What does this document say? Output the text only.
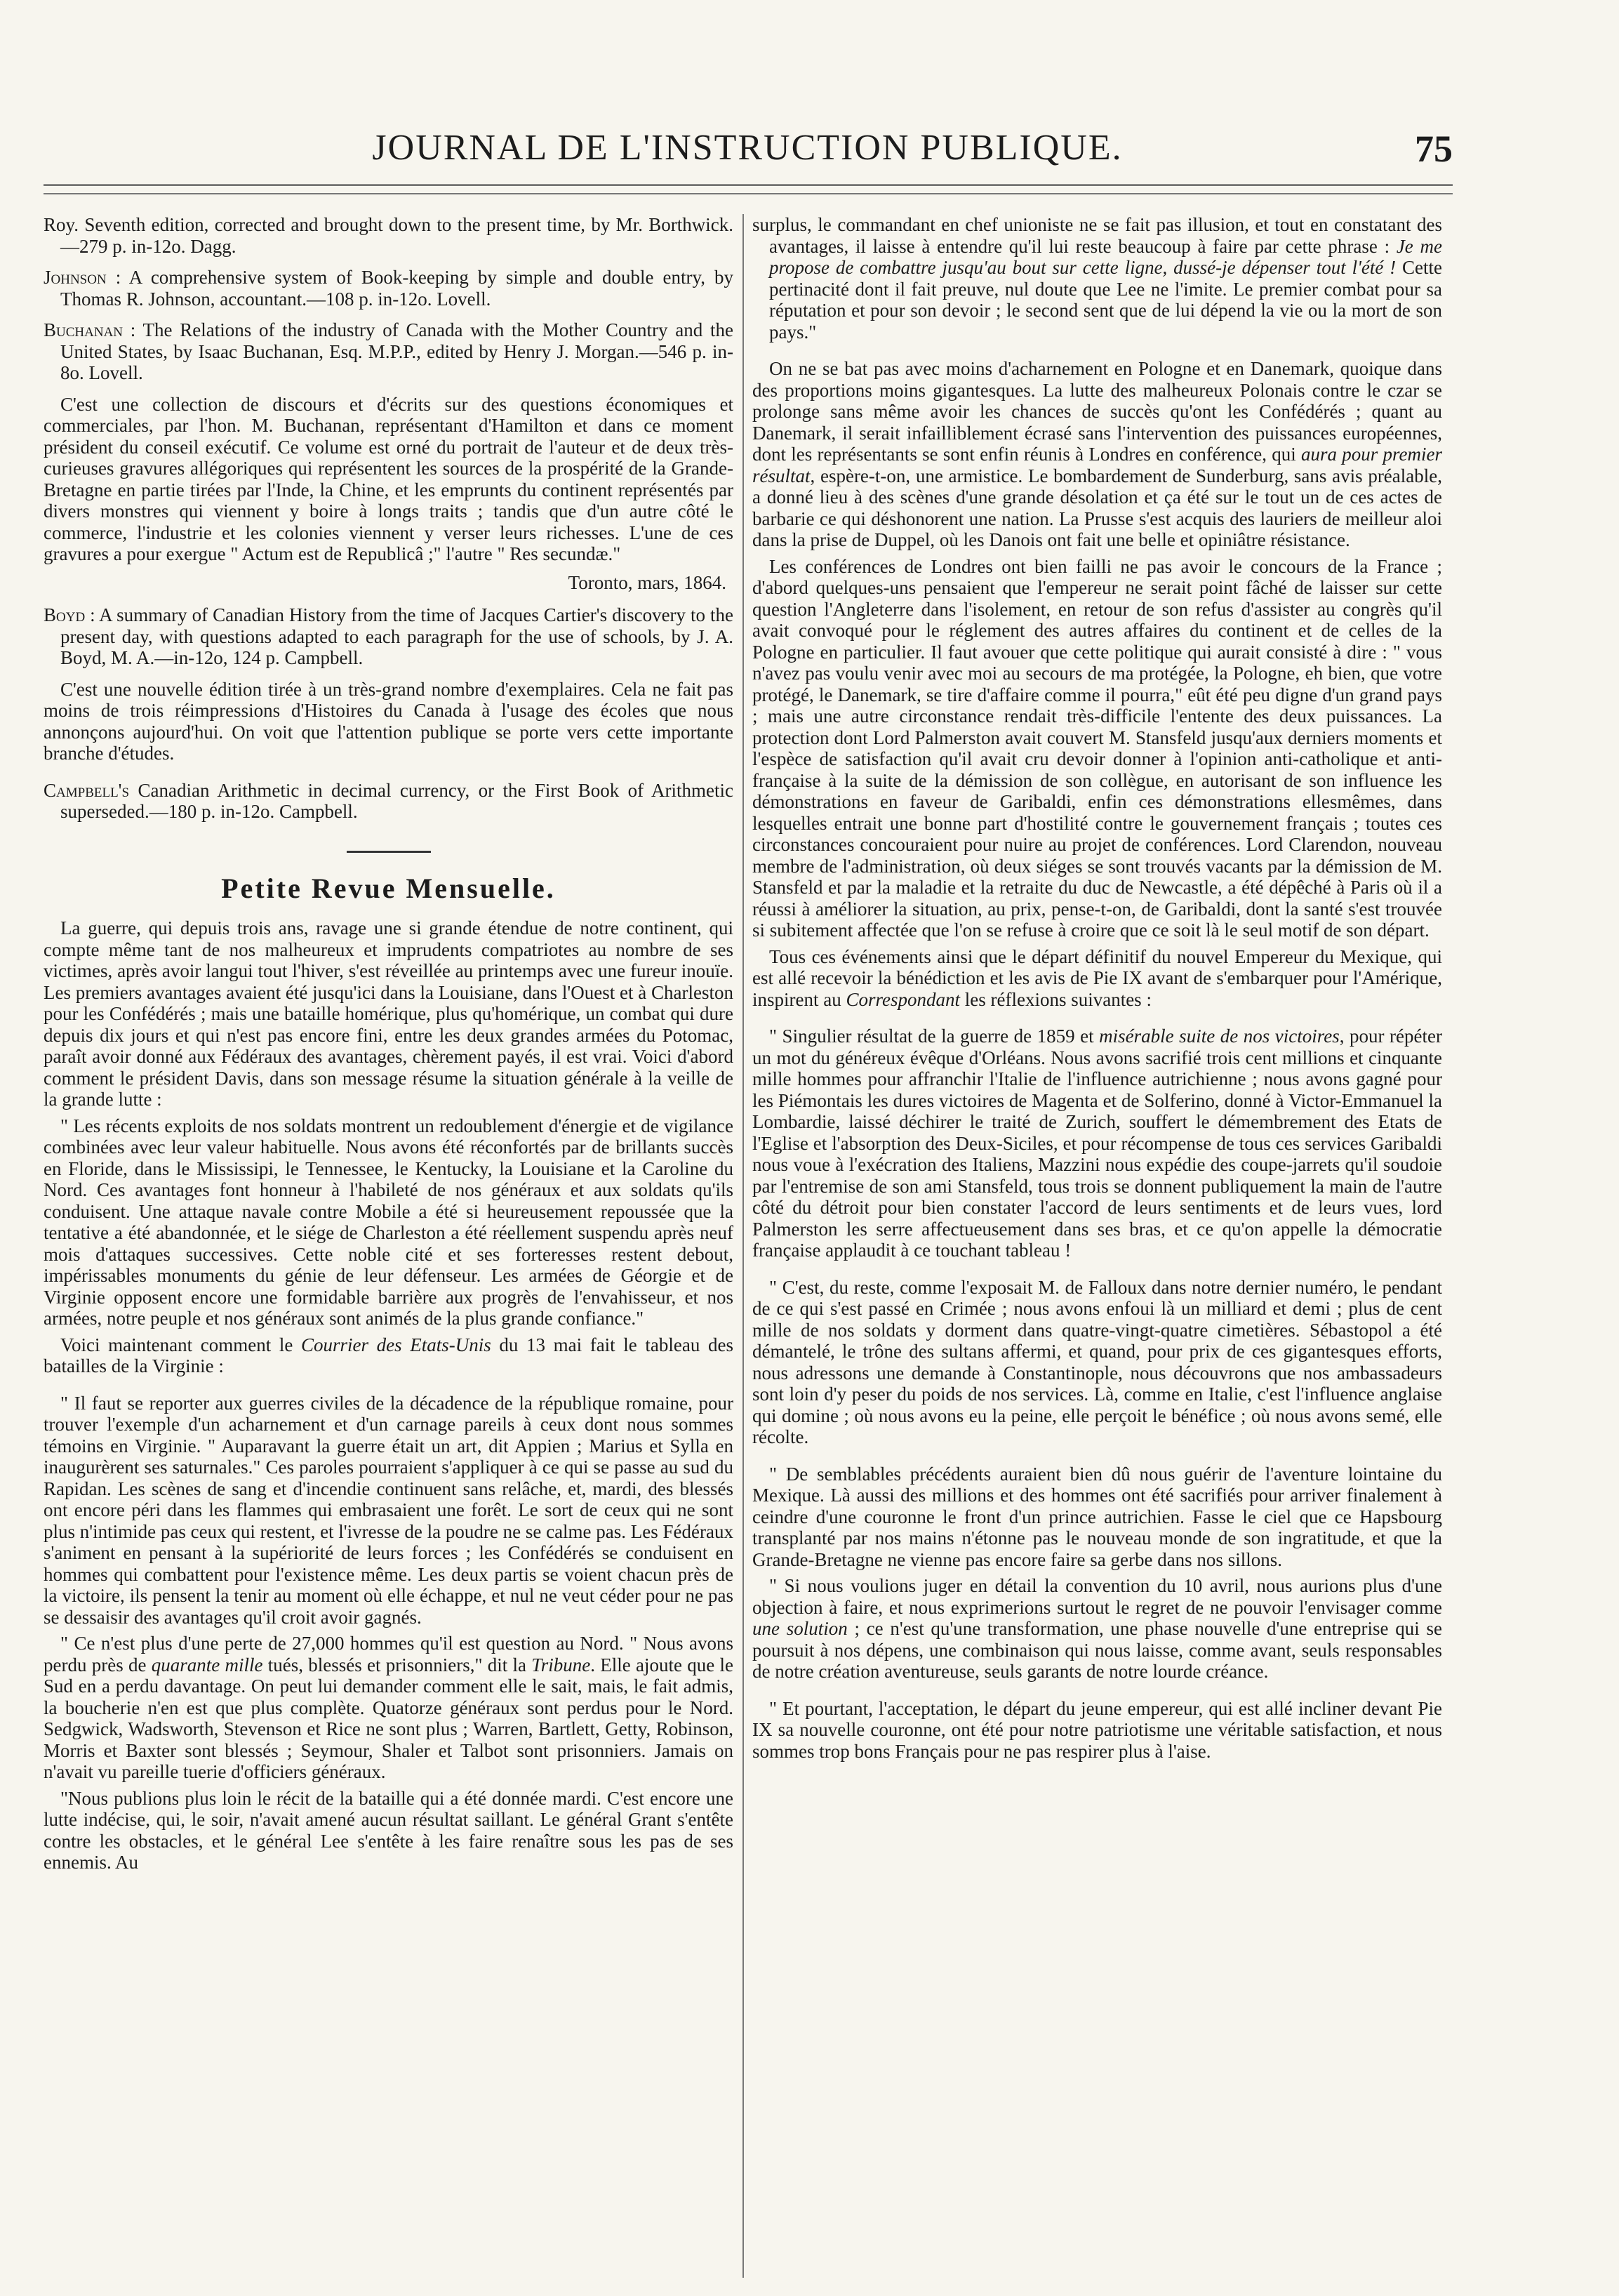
JOURNAL DE L'INSTRUCTION PUBLIQUE.	75

Roy. Seventh edition, corrected and brought down to the present time, by Mr. Borthwick.—279 p. in-12o. Dagg.

Johnson : A comprehensive system of Book-keeping by simple and double entry, by Thomas R. Johnson, accountant.—108 p. in-12o. Lovell.

Buchanan : The Relations of the industry of Canada with the Mother Country and the United States, by Isaac Buchanan, Esq. M.P.P., edited by Henry J. Morgan.—546 p. in-8o. Lovell.

C'est une collection de discours et d'écrits sur des questions économiques et commerciales, par l'hon. M. Buchanan, représentant d'Hamilton et dans ce moment président du conseil exécutif. Ce volume est orné du portrait de l'auteur et de deux très-curieuses gravures allégoriques qui représentent les sources de la prospérité de la Grande-Bretagne en partie tirées par l'Inde, la Chine, et les emprunts du continent représentés par divers monstres qui viennent y boire à longs traits ; tandis que d'un autre côté le commerce, l'industrie et les colonies viennent y verser leurs richesses. L'une de ces gravures a pour exergue " Actum est de Republicâ ;" l'autre " Res secundæ."

Toronto, mars, 1864.

Boyd : A summary of Canadian History from the time of Jacques Cartier's discovery to the present day, with questions adapted to each paragraph for the use of schools, by J. A. Boyd, M. A.—in-12o, 124 p. Campbell.

C'est une nouvelle édition tirée à un très-grand nombre d'exemplaires. Cela ne fait pas moins de trois réimpressions d'Histoires du Canada à l'usage des écoles que nous annonçons aujourd'hui. On voit que l'attention publique se porte vers cette importante branche d'études.

Campbell's Canadian Arithmetic in decimal currency, or the First Book of Arithmetic superseded.—180 p. in-12o. Campbell.

Petite Revue Mensuelle.

La guerre, qui depuis trois ans, ravage une si grande étendue de notre continent, qui compte même tant de nos malheureux et imprudents compatriotes au nombre de ses victimes, après avoir langui tout l'hiver, s'est réveillée au printemps avec une fureur inouïe. Les premiers avantages avaient été jusqu'ici dans la Louisiane, dans l'Ouest et à Charleston pour les Confédérés ; mais une bataille homérique, plus qu'homérique, un combat qui dure depuis dix jours et qui n'est pas encore fini, entre les deux grandes armées du Potomac, paraît avoir donné aux Fédéraux des avantages, chèrement payés, il est vrai. Voici d'abord comment le président Davis, dans son message résume la situation générale à la veille de la grande lutte :

" Les récents exploits de nos soldats montrent un redoublement d'énergie et de vigilance combinées avec leur valeur habituelle. Nous avons été réconfortés par de brillants succès en Floride, dans le Mississipi, le Tennessee, le Kentucky, la Louisiane et la Caroline du Nord. Ces avantages font honneur à l'habileté de nos généraux et aux soldats qu'ils conduisent. Une attaque navale contre Mobile a été si heureusement repoussée que la tentative a été abandonnée, et le siége de Charleston a été réellement suspendu après neuf mois d'attaques successives. Cette noble cité et ses forteresses restent debout, impérissables monuments du génie de leur défenseur. Les armées de Géorgie et de Virginie opposent encore une formidable barrière aux progrès de l'envahisseur, et nos armées, notre peuple et nos généraux sont animés de la plus grande confiance."

Voici maintenant comment le Courrier des Etats-Unis du 13 mai fait le tableau des batailles de la Virginie :

" Il faut se reporter aux guerres civiles de la décadence de la république romaine, pour trouver l'exemple d'un acharnement et d'un carnage pareils à ceux dont nous sommes témoins en Virginie. " Auparavant la guerre était un art, dit Appien ; Marius et Sylla en inaugurèrent ses saturnales." Ces paroles pourraient s'appliquer à ce qui se passe au sud du Rapidan. Les scènes de sang et d'incendie continuent sans relâche, et, mardi, des blessés ont encore péri dans les flammes qui embrasaient une forêt. Le sort de ceux qui ne sont plus n'intimide pas ceux qui restent, et l'ivresse de la poudre ne se calme pas. Les Fédéraux s'animent en pensant à la supériorité de leurs forces ; les Confédérés se conduisent en hommes qui combattent pour l'existence même. Les deux partis se voient chacun près de la victoire, ils pensent la tenir au moment où elle échappe, et nul ne veut céder pour ne pas se dessaisir des avantages qu'il croit avoir gagnés.

" Ce n'est plus d'une perte de 27,000 hommes qu'il est question au Nord. " Nous avons perdu près de quarante mille tués, blessés et prisonniers," dit la Tribune. Elle ajoute que le Sud en a perdu davantage. On peut lui demander comment elle le sait, mais, le fait admis, la boucherie n'en est que plus complète. Quatorze généraux sont perdus pour le Nord. Sedgwick, Wadsworth, Stevenson et Rice ne sont plus ; Warren, Bartlett, Getty, Robinson, Morris et Baxter sont blessés ; Seymour, Shaler et Talbot sont prisonniers. Jamais on n'avait vu pareille tuerie d'officiers généraux.

"Nous publions plus loin le récit de la bataille qui a été donnée mardi. C'est encore une lutte indécise, qui, le soir, n'avait amené aucun résultat saillant. Le général Grant s'entête contre les obstacles, et le général Lee s'entête à les faire renaître sous les pas de ses ennemis. Au

surplus, le commandant en chef unioniste ne se fait pas illusion, et tout en constatant des avantages, il laisse à entendre qu'il lui reste beaucoup à faire par cette phrase : Je me propose de combattre jusqu'au bout sur cette ligne, dussé-je dépenser tout l'été ! Cette pertinacité dont il fait preuve, nul doute que Lee ne l'imite. Le premier combat pour sa réputation et pour son devoir ; le second sent que de lui dépend la vie ou la mort de son pays."

On ne se bat pas avec moins d'acharnement en Pologne et en Danemark, quoique dans des proportions moins gigantesques. La lutte des malheureux Polonais contre le czar se prolonge sans même avoir les chances de succès qu'ont les Confédérés ; quant au Danemark, il serait infailliblement écrasé sans l'intervention des puissances européennes, dont les représentants se sont enfin réunis à Londres en conférence, qui aura pour premier résultat, espère-t-on, une armistice. Le bombardement de Sunderburg, sans avis préalable, a donné lieu à des scènes d'une grande désolation et ça été sur le tout un de ces actes de barbarie ce qui déshonorent une nation. La Prusse s'est acquis des lauriers de meilleur aloi dans la prise de Duppel, où les Danois ont fait une belle et opiniâtre résistance.

Les conférences de Londres ont bien failli ne pas avoir le concours de la France ; d'abord quelques-uns pensaient que l'empereur ne serait point fâché de laisser sur cette question l'Angleterre dans l'isolement, en retour de son refus d'assister au congrès qu'il avait convoqué pour le réglement des autres affaires du continent et de celles de la Pologne en particulier. Il faut avouer que cette politique qui aurait consisté à dire : " vous n'avez pas voulu venir avec moi au secours de ma protégée, la Pologne, eh bien, que votre protégé, le Danemark, se tire d'affaire comme il pourra," eût été peu digne d'un grand pays ; mais une autre circonstance rendait très-difficile l'entente des deux puissances. La protection dont Lord Palmerston avait couvert M. Stansfeld jusqu'aux derniers moments et l'espèce de satisfaction qu'il avait cru devoir donner à l'opinion anti-catholique et anti-française à la suite de la démission de son collègue, en autorisant de son influence les démonstrations en faveur de Garibaldi, enfin ces démonstrations ellesmêmes, dans lesquelles entrait une bonne part d'hostilité contre le gouvernement français ; toutes ces circonstances concouraient pour nuire au projet de conférences. Lord Clarendon, nouveau membre de l'administration, où deux siéges se sont trouvés vacants par la démission de M. Stansfeld et par la maladie et la retraite du duc de Newcastle, a été dépêché à Paris où il a réussi à améliorer la situation, au prix, pense-t-on, de Garibaldi, dont la santé s'est trouvée si subitement affectée que l'on se refuse à croire que ce soit là le seul motif de son départ.

Tous ces événements ainsi que le départ définitif du nouvel Empereur du Mexique, qui est allé recevoir la bénédiction et les avis de Pie IX avant de s'embarquer pour l'Amérique, inspirent au Correspondant les réflexions suivantes :

" Singulier résultat de la guerre de 1859 et misérable suite de nos victoires, pour répéter un mot du généreux évêque d'Orléans. Nous avons sacrifié trois cent millions et cinquante mille hommes pour affranchir l'Italie de l'influence autrichienne ; nous avons gagné pour les Piémontais les dures victoires de Magenta et de Solferino, donné à Victor-Emmanuel la Lombardie, laissé déchirer le traité de Zurich, souffert le démembrement des Etats de l'Eglise et l'absorption des Deux-Siciles, et pour récompense de tous ces services Garibaldi nous voue à l'exécration des Italiens, Mazzini nous expédie des coupe-jarrets qu'il soudoie par l'entremise de son ami Stansfeld, tous trois se donnent publiquement la main de l'autre côté du détroit pour bien constater l'accord de leurs sentiments et de leurs vues, lord Palmerston les serre affectueusement dans ses bras, et ce qu'on appelle la démocratie française applaudit à ce touchant tableau !

" C'est, du reste, comme l'exposait M. de Falloux dans notre dernier numéro, le pendant de ce qui s'est passé en Crimée ; nous avons enfoui là un milliard et demi ; plus de cent mille de nos soldats y dorment dans quatre-vingt-quatre cimetières. Sébastopol a été démantelé, le trône des sultans affermi, et quand, pour prix de ces gigantesques efforts, nous adressons une demande à Constantinople, nous découvrons que nos ambassadeurs sont loin d'y peser du poids de nos services. Là, comme en Italie, c'est l'influence anglaise qui domine ; où nous avons eu la peine, elle perçoit le bénéfice ; où nous avons semé, elle récolte.

" De semblables précédents auraient bien dû nous guérir de l'aventure lointaine du Mexique. Là aussi des millions et des hommes ont été sacrifiés pour arriver finalement à ceindre d'une couronne le front d'un prince autrichien. Fasse le ciel que ce Hapsbourg transplanté par nos mains n'étonne pas le nouveau monde de son ingratitude, et que la Grande-Bretagne ne vienne pas encore faire sa gerbe dans nos sillons.

" Si nous voulions juger en détail la convention du 10 avril, nous aurions plus d'une objection à faire, et nous exprimerions surtout le regret de ne pouvoir l'envisager comme une solution ; ce n'est qu'une transformation, une phase nouvelle d'une entreprise qui se poursuit à nos dépens, une combinaison qui nous laisse, comme avant, seuls responsables de notre création aventureuse, seuls garants de notre lourde créance.

" Et pourtant, l'acceptation, le départ du jeune empereur, qui est allé incliner devant Pie IX sa nouvelle couronne, ont été pour notre patriotisme une véritable satisfaction, et nous sommes trop bons Français pour ne pas respirer plus à l'aise.
